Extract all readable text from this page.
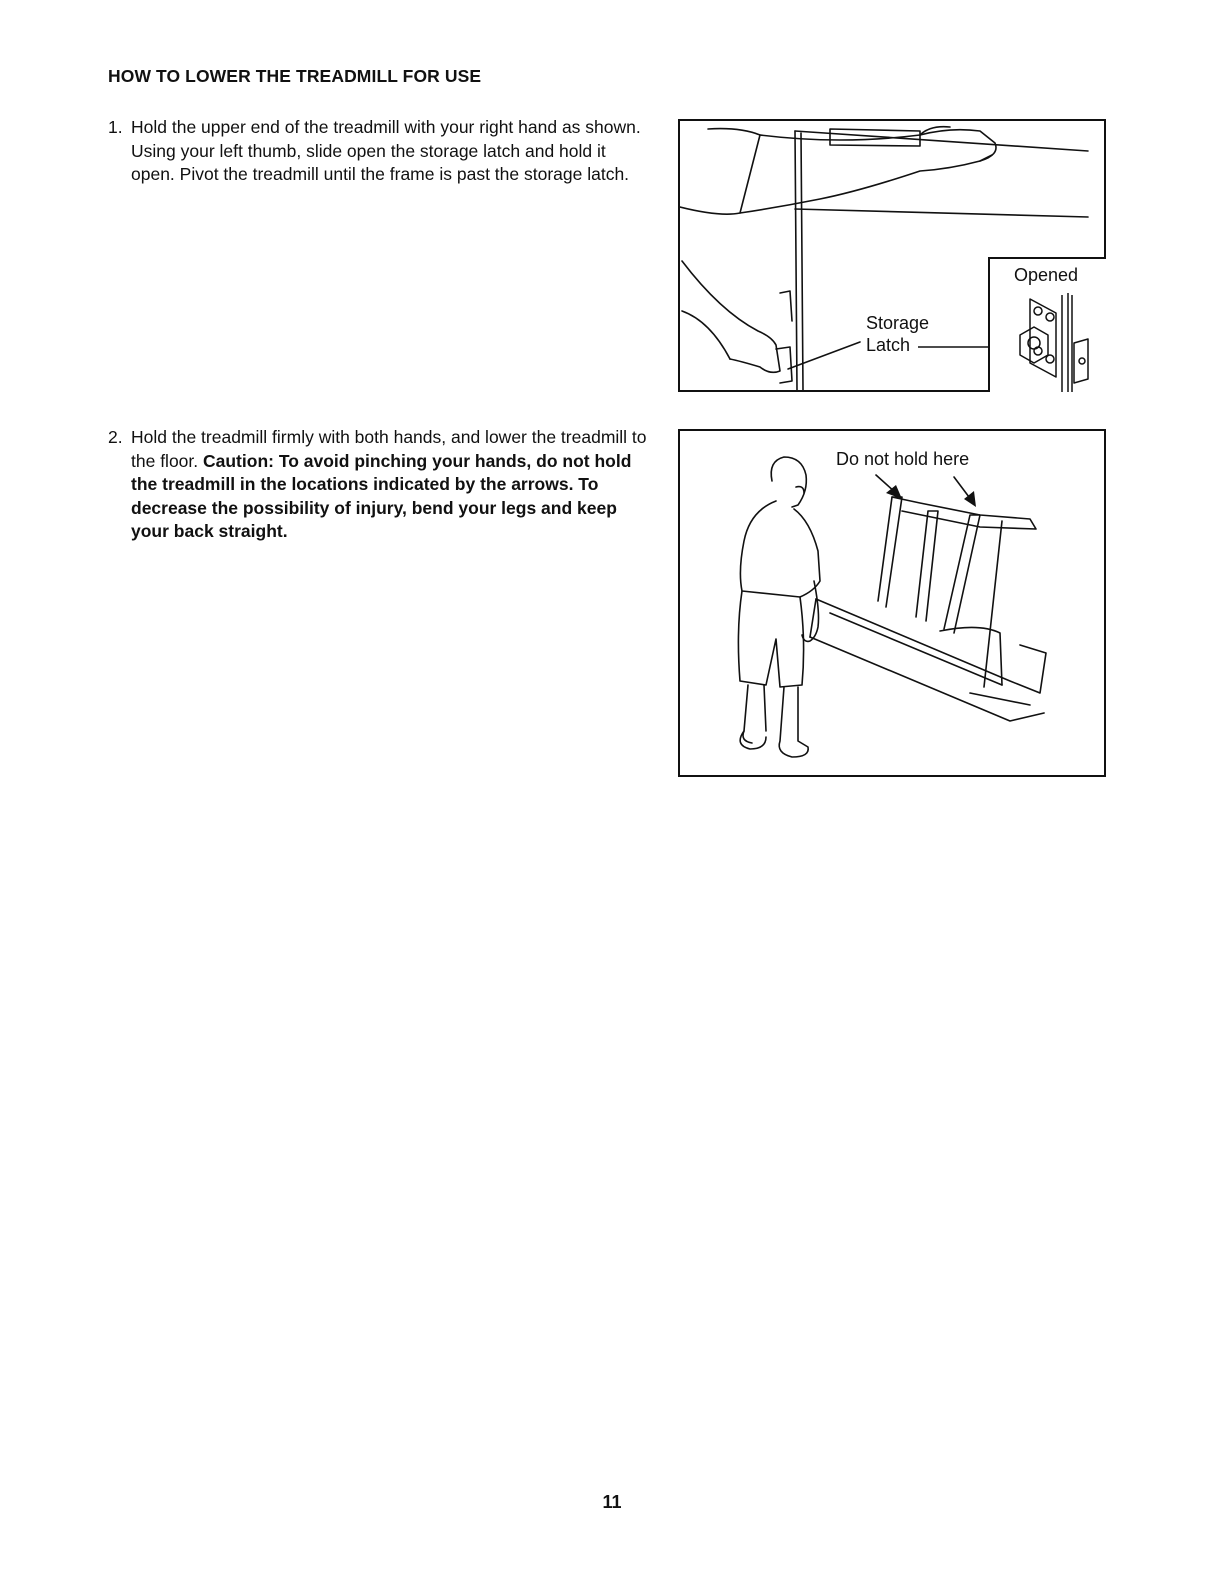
HOW TO LOWER THE TREADMILL FOR USE

1. Hold the upper end of the treadmill with your right hand as shown. Using your left thumb, slide open the storage latch and hold it open. Pivot the treadmill until the frame is past the storage latch.

2. Hold the treadmill firmly with both hands, and lower the treadmill to the floor. Caution: To avoid pinching your hands, do not hold the treadmill in the locations indicated by the arrows. To decrease the possibility of injury, bend your legs and keep your back straight.

Storage
Latch
Opened
Do not hold here
11
